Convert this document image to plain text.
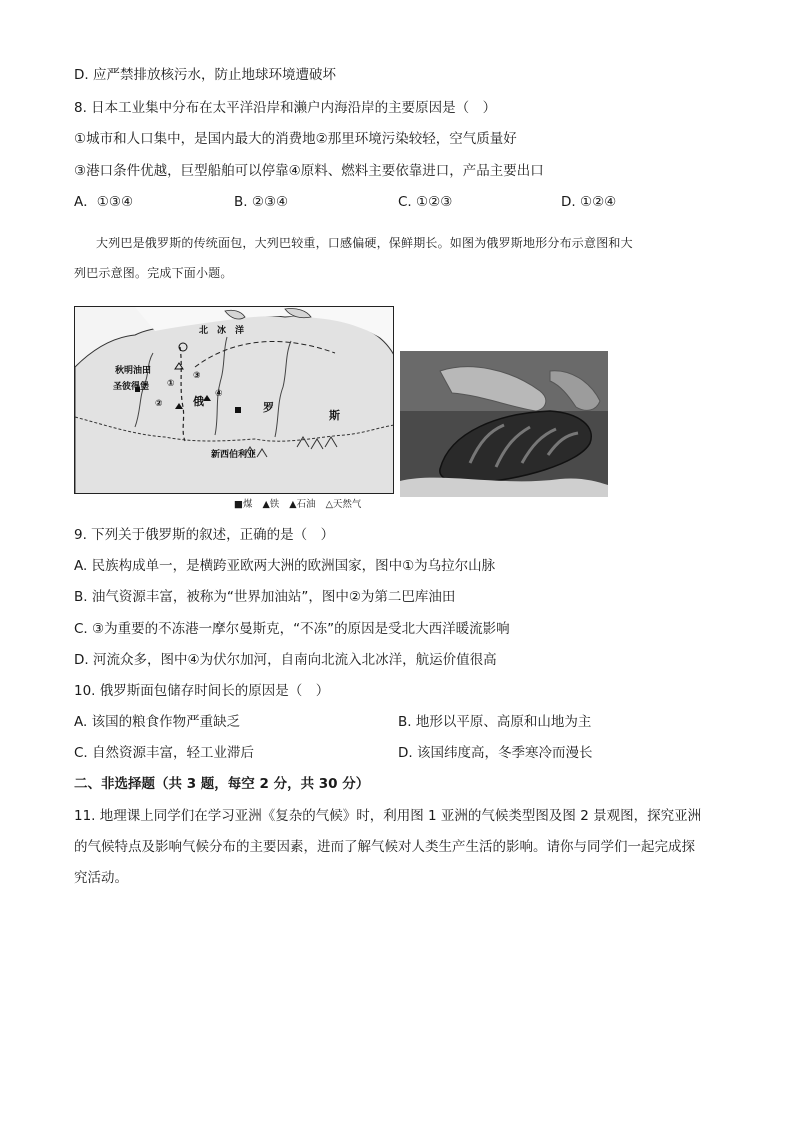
D. 应严禁排放核污水，防止地球环境遭破坏
8. 日本工业集中分布在太平洋沿岸和濑户内海沿岸的主要原因是（　）
①城市和人口集中，是国内最大的消费地②那里环境污染较轻，空气质量好
③港口条件优越，巨型船舶可以停靠④原料、燃料主要依靠进口，产品主要出口
A．①③④	B. ②③④	C. ①②③	D. ①②④
大列巴是俄罗斯的传统面包，大列巴较重，口感偏硬，保鲜期长。如图为俄罗斯地形分布示意图和大
列巴示意图。完成下面小题。
北　冰　洋
秋明油田
圣彼得堡
俄	罗
斯
新西伯利亚
①
②
③
④
■煤 ▲铁 ▲石油 △天然气
9. 下列关于俄罗斯的叙述，正确的是（　）
A. 民族构成单一，是横跨亚欧两大洲的欧洲国家，图中①为乌拉尔山脉
B. 油气资源丰富，被称为“世界加油站”，图中②为第二巴库油田
C. ③为重要的不冻港一摩尔曼斯克，“不冻”的原因是受北大西洋暖流影响
D. 河流众多，图中④为伏尔加河，自南向北流入北冰洋，航运价值很高
10. 俄罗斯面包储存时间长的原因是（　）
A. 该国的粮食作物严重缺乏	B. 地形以平原、高原和山地为主
C. 自然资源丰富，轻工业滞后	D. 该国纬度高，冬季寒冷而漫长
二、非选择题（共 3 题，每空 2 分，共 30 分）
11. 地理课上同学们在学习亚洲《复杂的气候》时，利用图 1 亚洲的气候类型图及图 2 景观图，探究亚洲
的气候特点及影响气候分布的主要因素，进而了解气候对人类生产生活的影响。请你与同学们一起完成探
究活动。
